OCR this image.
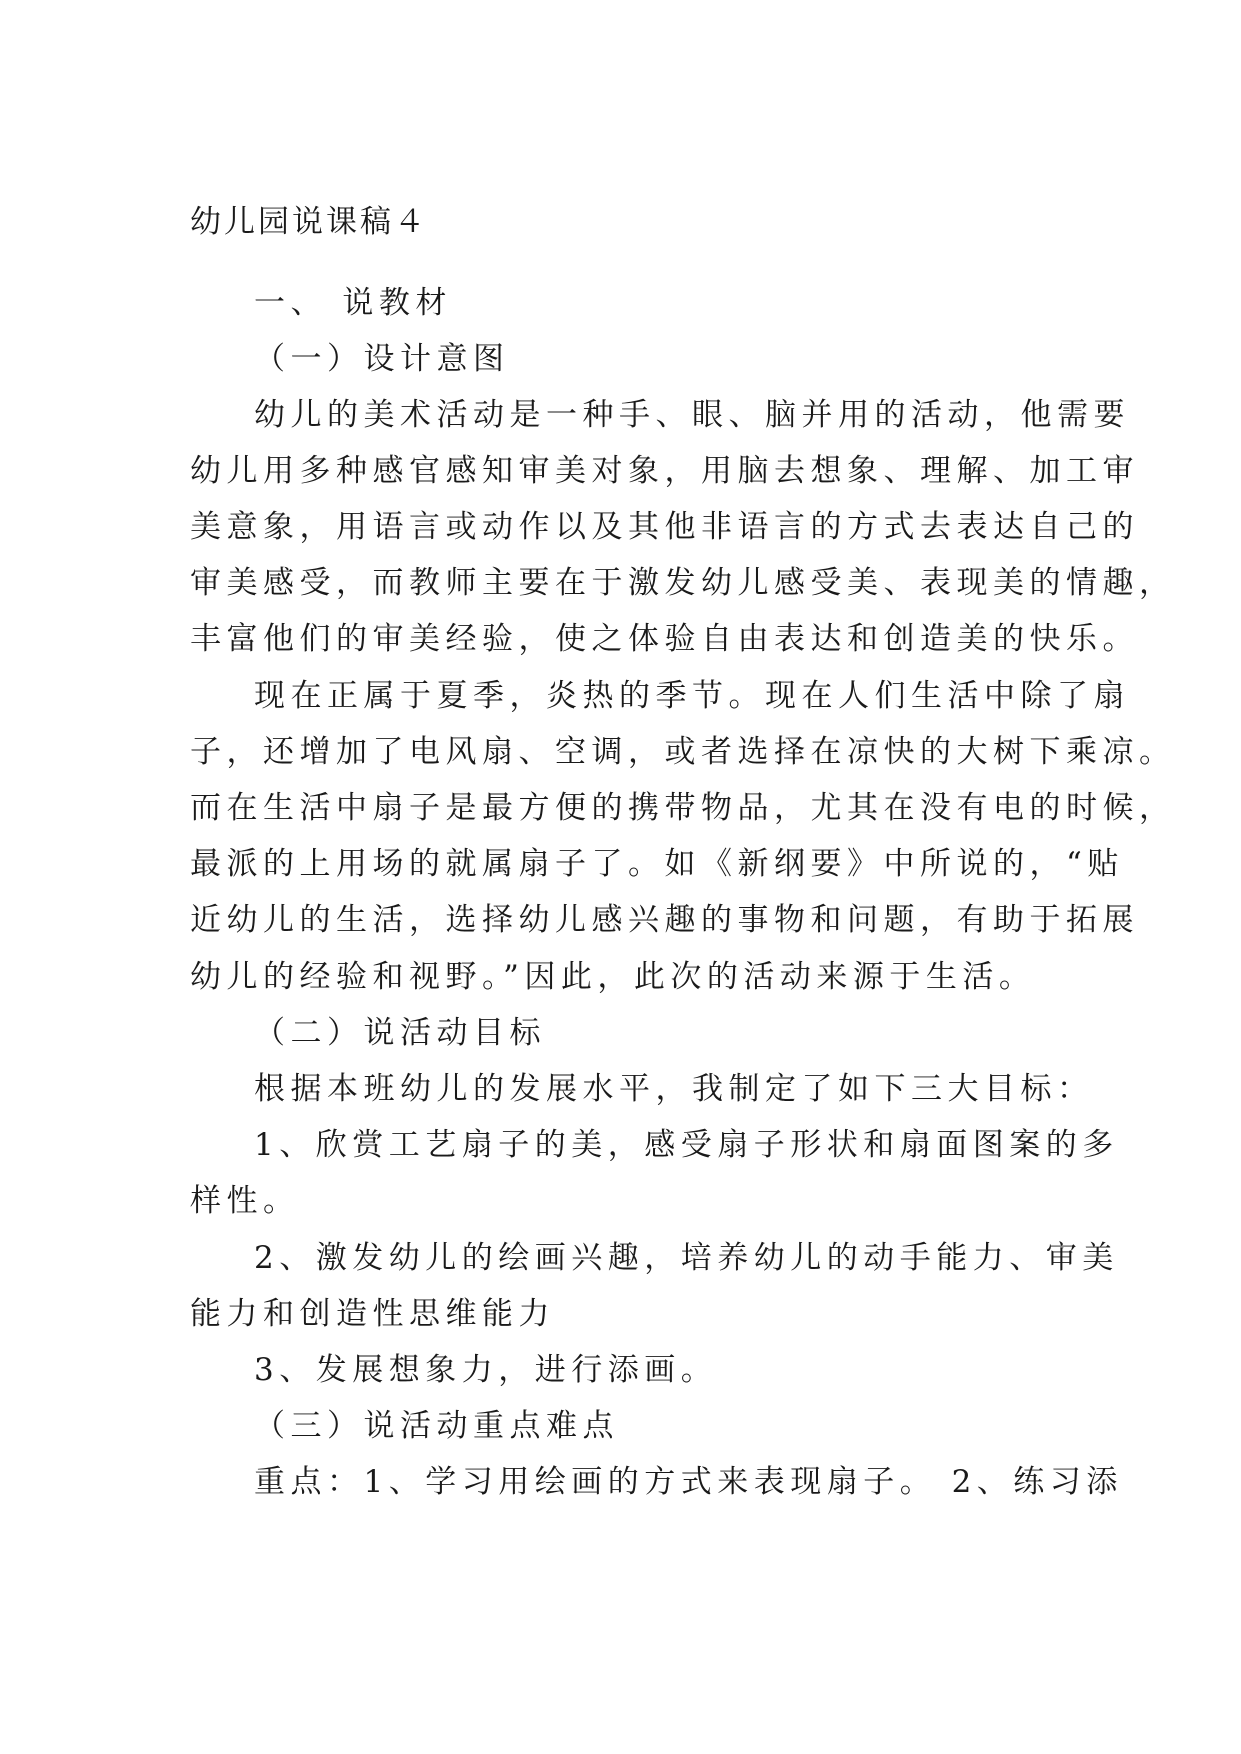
幼儿园说课稿４
一、 说教材
（一）设计意图
幼儿的美术活动是一种手、眼、脑并用的活动，他需要
幼儿用多种感官感知审美对象，用脑去想象、理解、加工审
美意象，用语言或动作以及其他非语言的方式去表达自己的
审美感受，而教师主要在于激发幼儿感受美、表现美的情趣，
丰富他们的审美经验，使之体验自由表达和创造美的快乐。
现在正属于夏季，炎热的季节。现在人们生活中除了扇
子，还增加了电风扇、空调，或者选择在凉快的大树下乘凉。
而在生活中扇子是最方便的携带物品，尤其在没有电的时候，
最派的上用场的就属扇子了。如《新纲要》中所说的，“贴
近幼儿的生活，选择幼儿感兴趣的事物和问题，有助于拓展
幼儿的经验和视野。”因此，此次的活动来源于生活。
（二）说活动目标
根据本班幼儿的发展水平，我制定了如下三大目标：
1、欣赏工艺扇子的美，感受扇子形状和扇面图案的多
样性。
2、激发幼儿的绘画兴趣，培养幼儿的动手能力、审美
能力和创造性思维能力
3、发展想象力，进行添画。
（三）说活动重点难点
重点：1、学习用绘画的方式来表现扇子。 2、练习添
